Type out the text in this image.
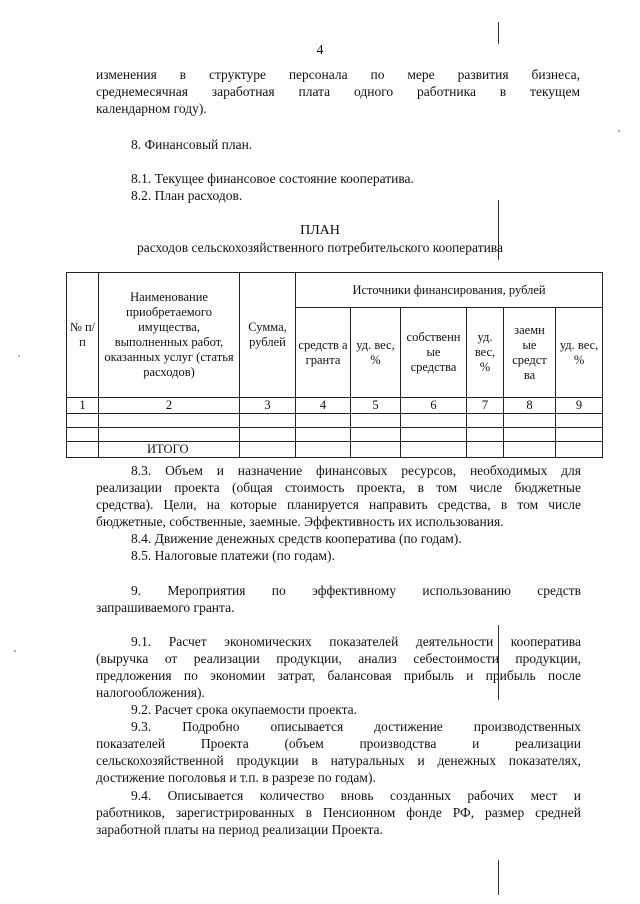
4
изменения в структуре персонала по мере развития бизнеса,
среднемесячная заработная плата одного работника в текущем
календарном году).
8. Финансовый план.
8.1. Текущее финансовое состояние кооператива.
8.2. План расходов.
ПЛАН
расходов сельскохозяйственного потребительского кооператива
№ п/п	Наименование приобретаемого имущества, выполненных работ, оказанных услуг (статья расходов)	Сумма, рублей	Источники финансирования, рублей					
			средств а гранта	уд. вес, %	собственн ые средства	уд. вес, %	заемн ые средст ва	уд. вес, %
1	2	3	4	5	6	7	8	9

	ИТОГО							
8.3. Объем и назначение финансовых ресурсов, необходимых для
реализации проекта (общая стоимость проекта, в том числе бюджетные
средства). Цели, на которые планируется направить средства, в том числе
бюджетные, собственные, заемные. Эффективность их использования.
8.4. Движение денежных средств кооператива (по годам).
8.5. Налоговые платежи (по годам).
9. Мероприятия по эффективному использованию средств
запрашиваемого гранта.
9.1. Расчет экономических показателей деятельности кооператива
(выручка от реализации продукции, анализ себестоимости продукции,
предложения по экономии затрат, балансовая прибыль и прибыль после
налогообложения).
9.2. Расчет срока окупаемости проекта.
9.3. Подробно описывается достижение производственных
показателей Проекта (объем производства и реализации
сельскохозяйственной продукции в натуральных и денежных показателях,
достижение поголовья и т.п. в разрезе по годам).
9.4. Описывается количество вновь созданных рабочих мест и
работников, зарегистрированных в Пенсионном фонде РФ, размер средней
заработной платы на период реализации Проекта.
